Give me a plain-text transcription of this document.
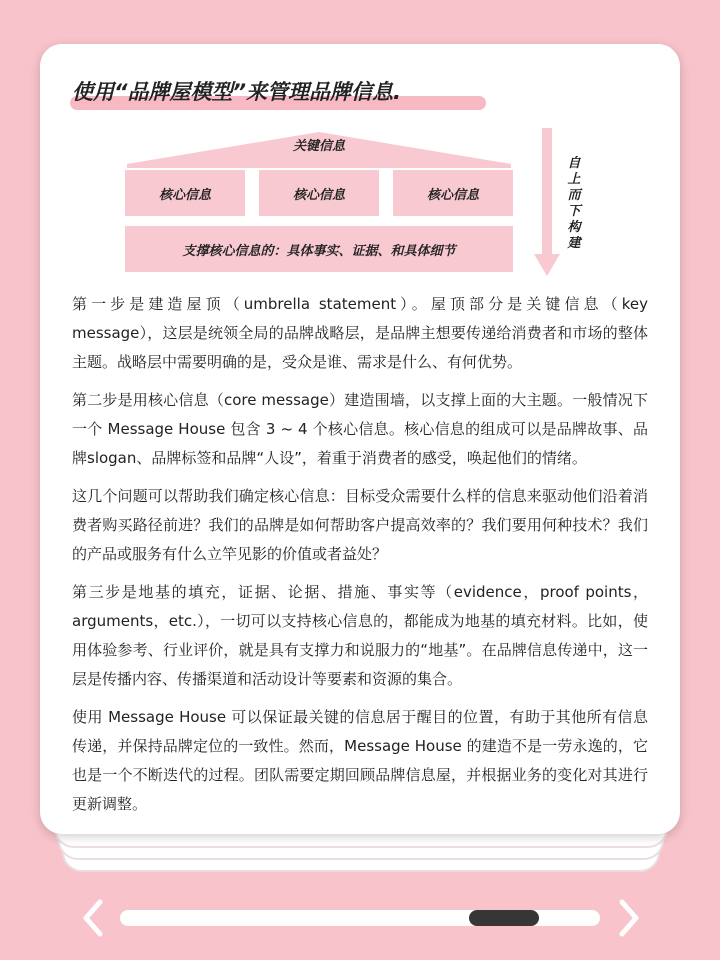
使用“品牌屋模型”来管理品牌信息.
关键信息
核心信息	核心信息	核心信息
支撑核心信息的：具体事实、证据、和具体细节
自上而下构建

第一步是建造屋顶（umbrella statement）。屋顶部分是关键信息（key message），这层是统领全局的品牌战略层，是品牌主想要传递给消费者和市场的整体主题。战略层中需要明确的是，受众是谁、需求是什么、有何优势。

第二步是用核心信息（core message）建造围墙，以支撑上面的大主题。一般情况下一个 Message House 包含 3 ~ 4 个核心信息。核心信息的组成可以是品牌故事、品牌slogan、品牌标签和品牌“人设”，着重于消费者的感受，唤起他们的情绪。

这几个问题可以帮助我们确定核心信息：目标受众需要什么样的信息来驱动他们沿着消费者购买路径前进？我们的品牌是如何帮助客户提高效率的？我们要用何种技术？我们的产品或服务有什么立竿见影的价值或者益处？

第三步是地基的填充，证据、论据、措施、事实等（evidence，proof points，arguments，etc.），一切可以支持核心信息的，都能成为地基的填充材料。比如，使用体验参考、行业评价，就是具有支撑力和说服力的“地基”。在品牌信息传递中，这一层是传播内容、传播渠道和活动设计等要素和资源的集合。

使用 Message House 可以保证最关键的信息居于醒目的位置，有助于其他所有信息传递，并保持品牌定位的一致性。然而，Message House 的建造不是一劳永逸的，它也是一个不断迭代的过程。团队需要定期回顾品牌信息屋，并根据业务的变化对其进行更新调整。
